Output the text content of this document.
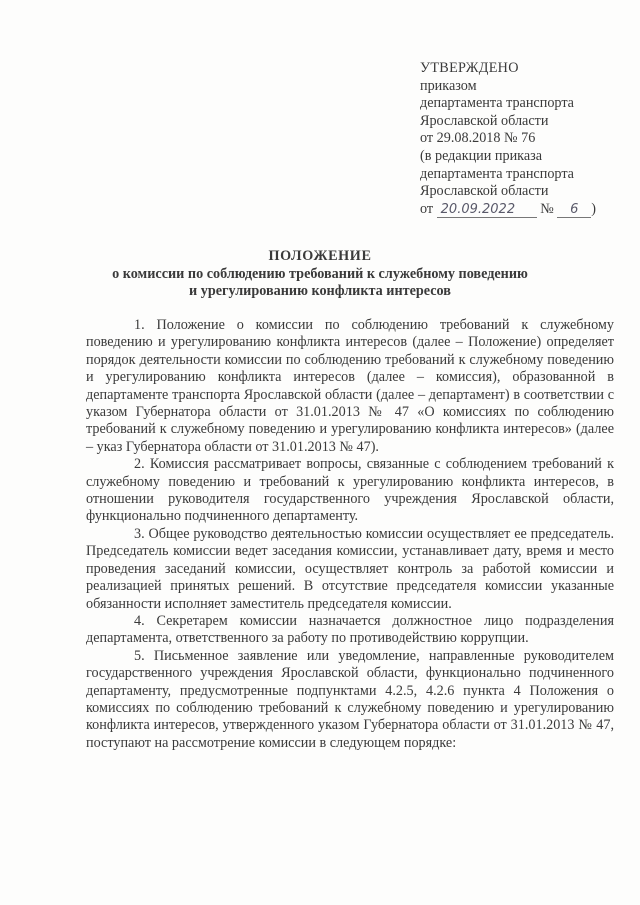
УТВЕРЖДЕНО
приказом
департамента транспорта
Ярославской области
от 29.08.2018 № 76
(в редакции приказа
департамента транспорта
Ярославской области
от 20.09.2022 № 6 )
ПОЛОЖЕНИЕ
о комиссии по соблюдению требований к служебному поведению
и урегулированию конфликта интересов

1. Положение о комиссии по соблюдению требований к служебному поведению и урегулированию конфликта интересов (далее – Положение) определяет порядок деятельности комиссии по соблюдению требований к служебному поведению и урегулированию конфликта интересов (далее – комиссия), образованной в департаменте транспорта Ярославской области (далее – департамент) в соответствии с указом Губернатора области от 31.01.2013 № 47 «О комиссиях по соблюдению требований к служебному поведению и урегулированию конфликта интересов» (далее – указ Губернатора области от 31.01.2013 № 47).

2. Комиссия рассматривает вопросы, связанные с соблюдением требований к служебному поведению и требований к урегулированию конфликта интересов, в отношении руководителя государственного учреждения Ярославской области, функционально подчиненного департаменту.

3. Общее руководство деятельностью комиссии осуществляет ее председатель. Председатель комиссии ведет заседания комиссии, устанавливает дату, время и место проведения заседаний комиссии, осуществляет контроль за работой комиссии и реализацией принятых решений. В отсутствие председателя комиссии указанные обязанности исполняет заместитель председателя комиссии.

4. Секретарем комиссии назначается должностное лицо подразделения департамента, ответственного за работу по противодействию коррупции.

5. Письменное заявление или уведомление, направленные руководителем государственного учреждения Ярославской области, функционально подчиненного департаменту, предусмотренные подпунктами 4.2.5, 4.2.6 пункта 4 Положения о комиссиях по соблюдению требований к служебному поведению и урегулированию конфликта интересов, утвержденного указом Губернатора области от 31.01.2013 № 47, поступают на рассмотрение комиссии в следующем порядке:
